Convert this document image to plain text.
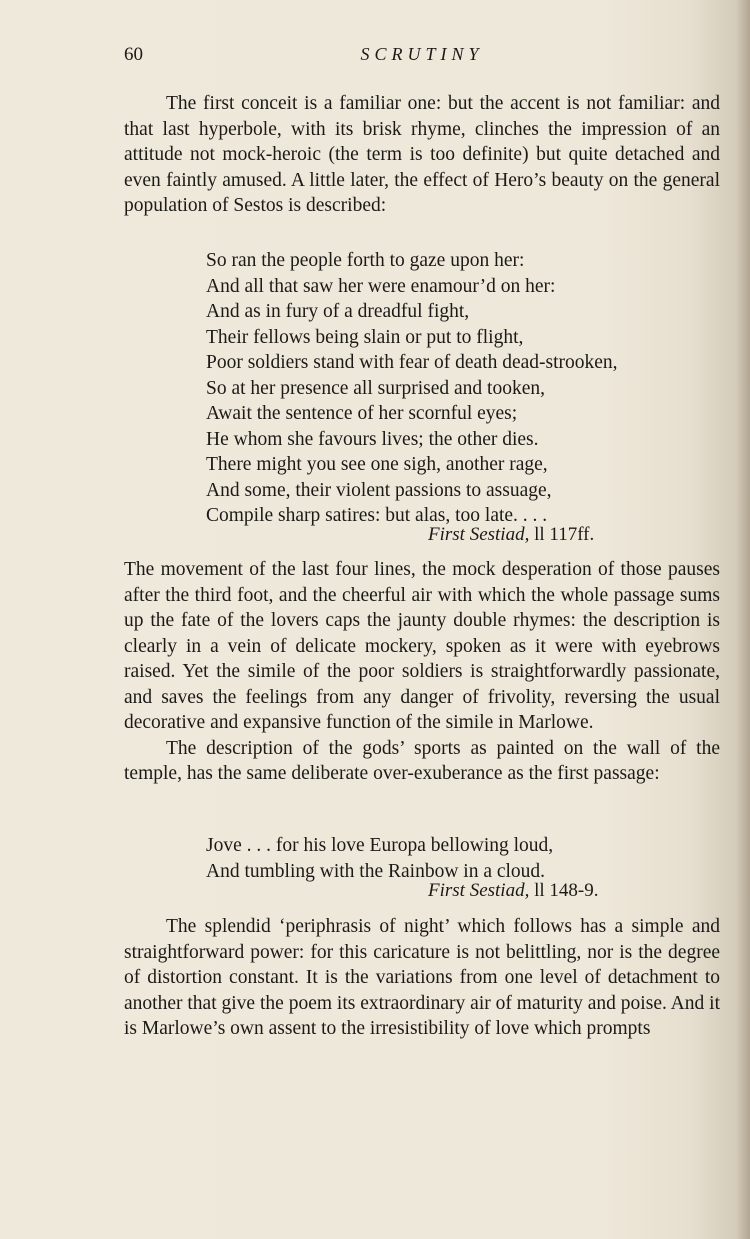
60	SCRUTINY

The first conceit is a familiar one: but the accent is not familiar: and that last hyperbole, with its brisk rhyme, clinches the impression of an attitude not mock-heroic (the term is too definite) but quite detached and even faintly amused. A little later, the effect of Hero’s beauty on the general population of Sestos is described:

So ran the people forth to gaze upon her:

And all that saw her were enamour’d on her:

And as in fury of a dreadful fight,

Their fellows being slain or put to flight,

Poor soldiers stand with fear of death dead-strooken,

So at her presence all surprised and tooken,

Await the sentence of her scornful eyes;

He whom she favours lives; the other dies.

There might you see one sigh, another rage,

And some, their violent passions to assuage,

Compile sharp satires: but alas, too late. . . .

First Sestiad, ll 117ff.

The movement of the last four lines, the mock desperation of those pauses after the third foot, and the cheerful air with which the whole passage sums up the fate of the lovers caps the jaunty double rhymes: the description is clearly in a vein of delicate mockery, spoken as it were with eyebrows raised. Yet the simile of the poor soldiers is straightforwardly passionate, and saves the feelings from any danger of frivolity, reversing the usual decorative and expansive function of the simile in Marlowe.

The description of the gods’ sports as painted on the wall of the temple, has the same deliberate over-exuberance as the first passage:

Jove . . . for his love Europa bellowing loud,

And tumbling with the Rainbow in a cloud.

First Sestiad, ll 148-9.

The splendid ‘periphrasis of night’ which follows has a simple and straightforward power: for this caricature is not belittling, nor is the degree of distortion constant. It is the variations from one level of detachment to another that give the poem its extraordinary air of maturity and poise. And it is Marlowe’s own assent to the irresistibility of love which prompts
